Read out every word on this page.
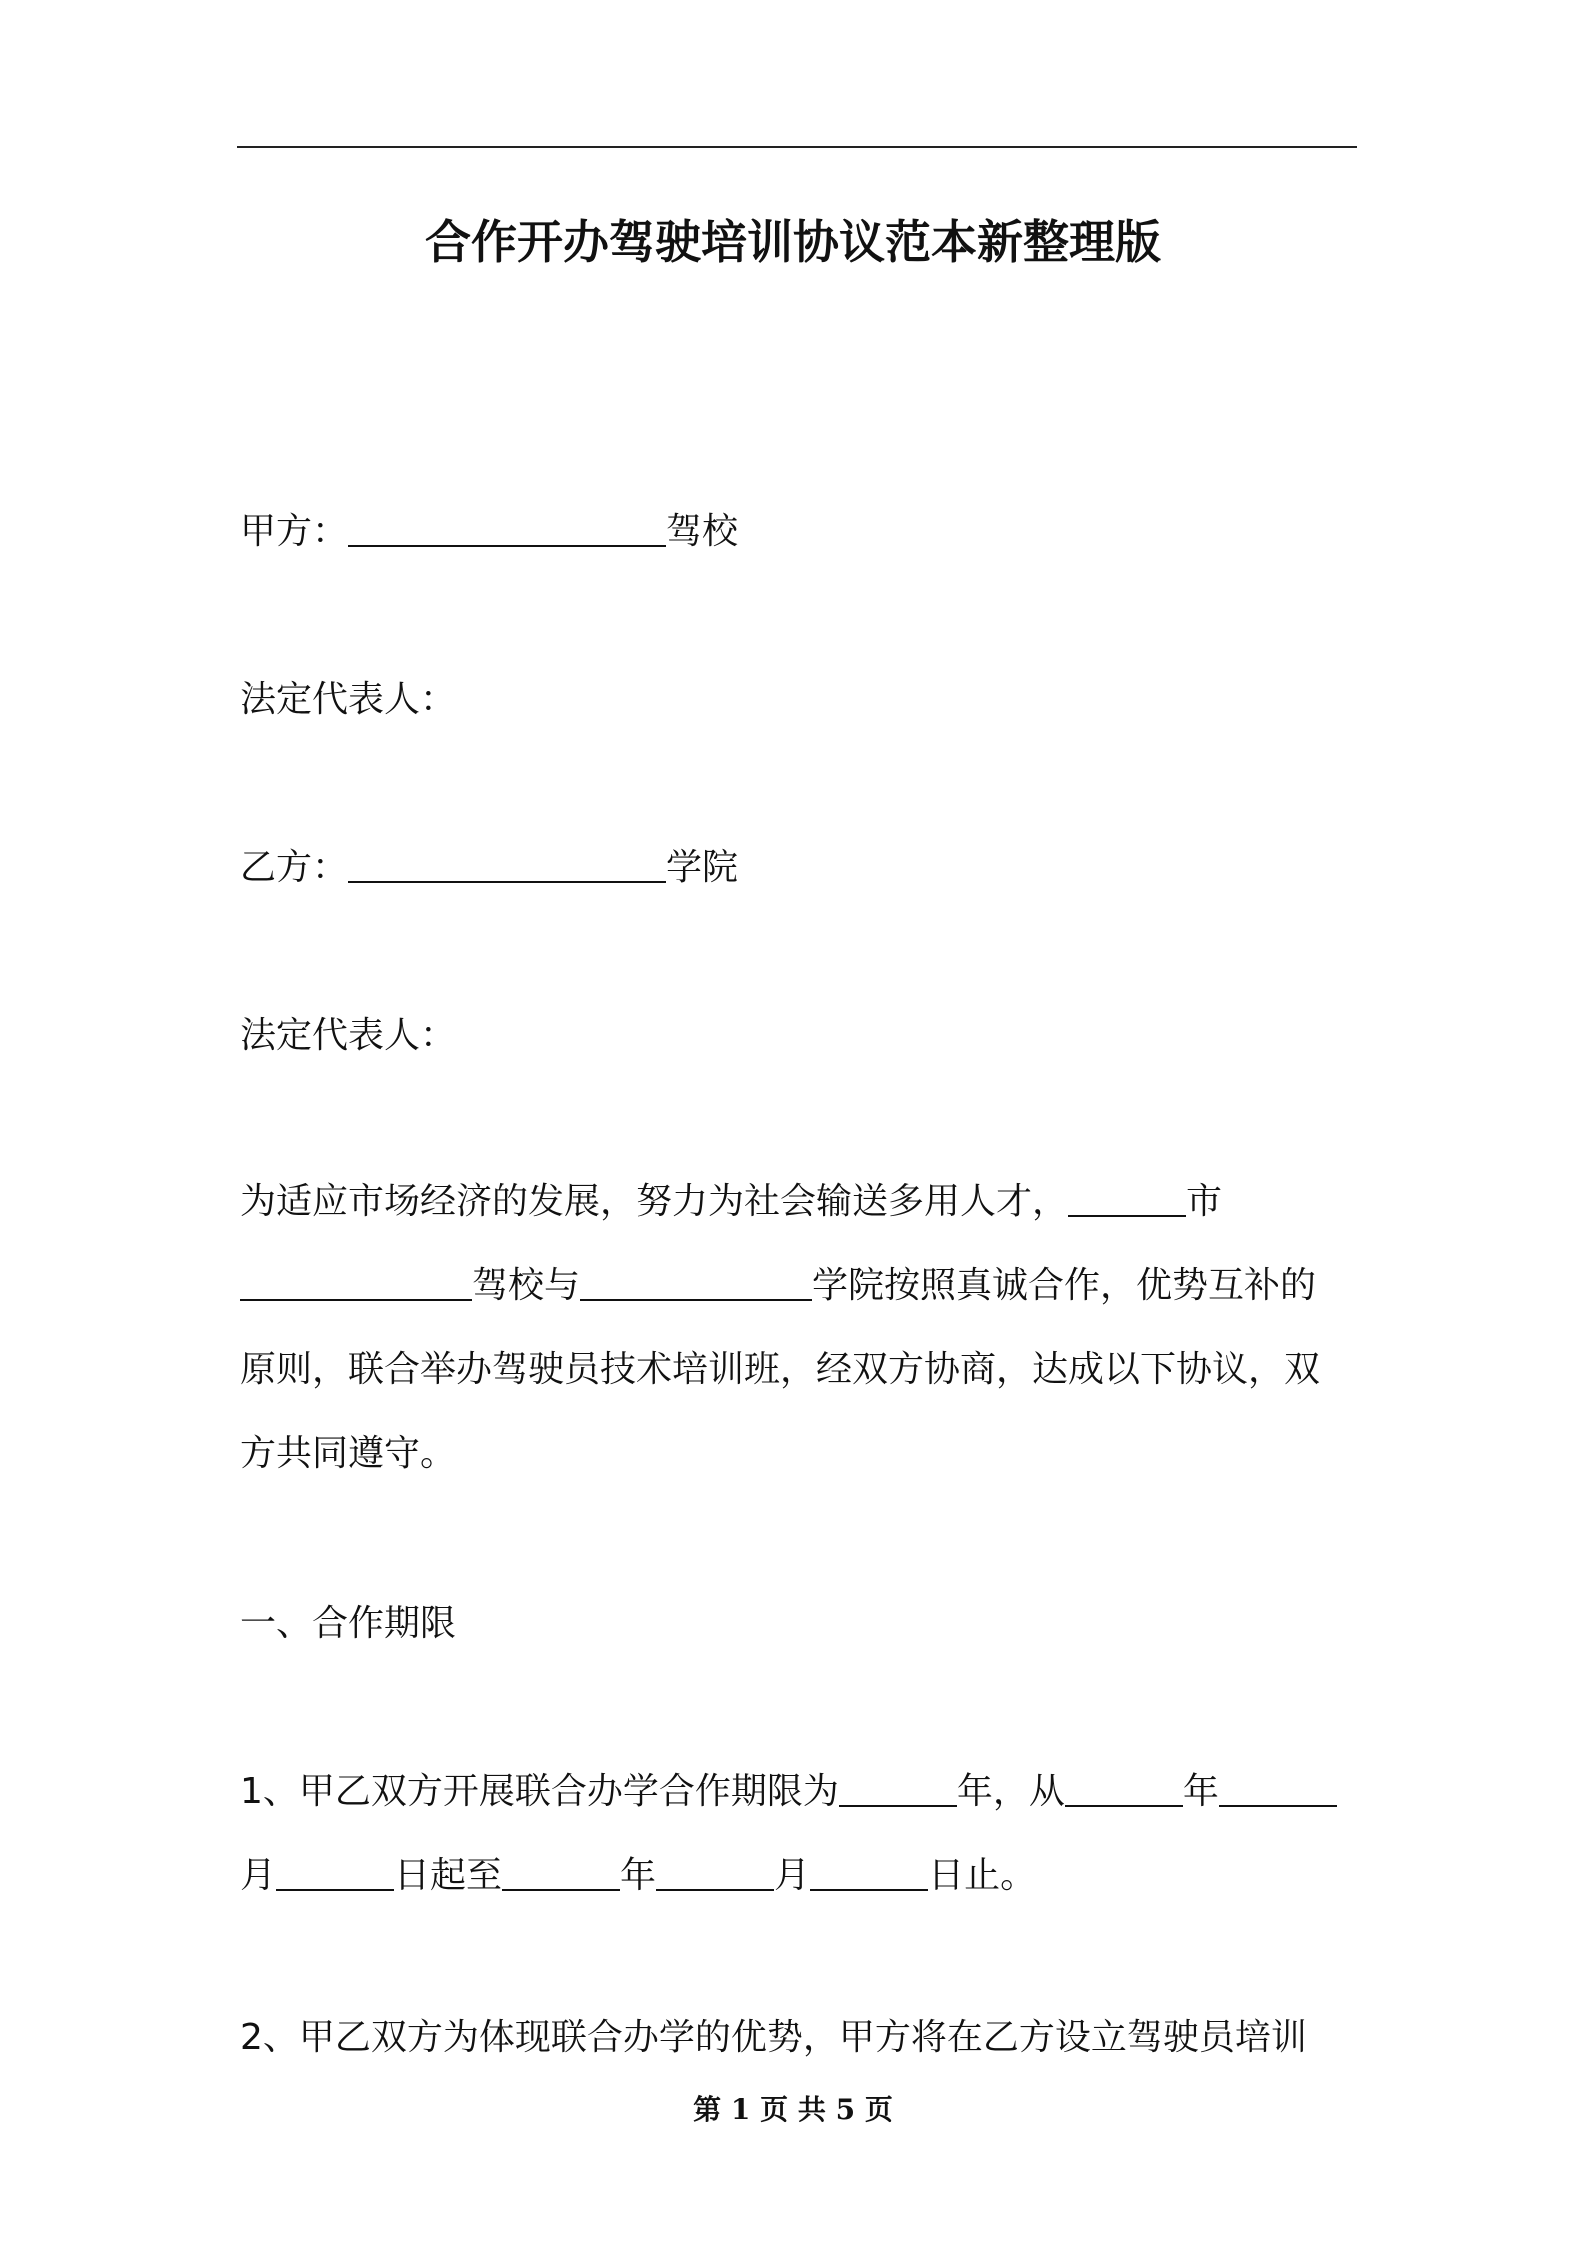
合作开办驾驶培训协议范本新整理版
甲方：	驾校
法定代表人：
乙方：	学院
法定代表人：
为适应市场经济的发展，努力为社会输送多用人才，	市
驾校与	学院按照真诚合作，优势互补的
原则，联合举办驾驶员技术培训班，经双方协商，达成以下协议，双
方共同遵守。
一、合作期限
1、甲乙双方开展联合办学合作期限为	年，从	年
月	日起至	年	月	日止。
2、甲乙双方为体现联合办学的优势，甲方将在乙方设立驾驶员培训
第 1 页 共 5 页
